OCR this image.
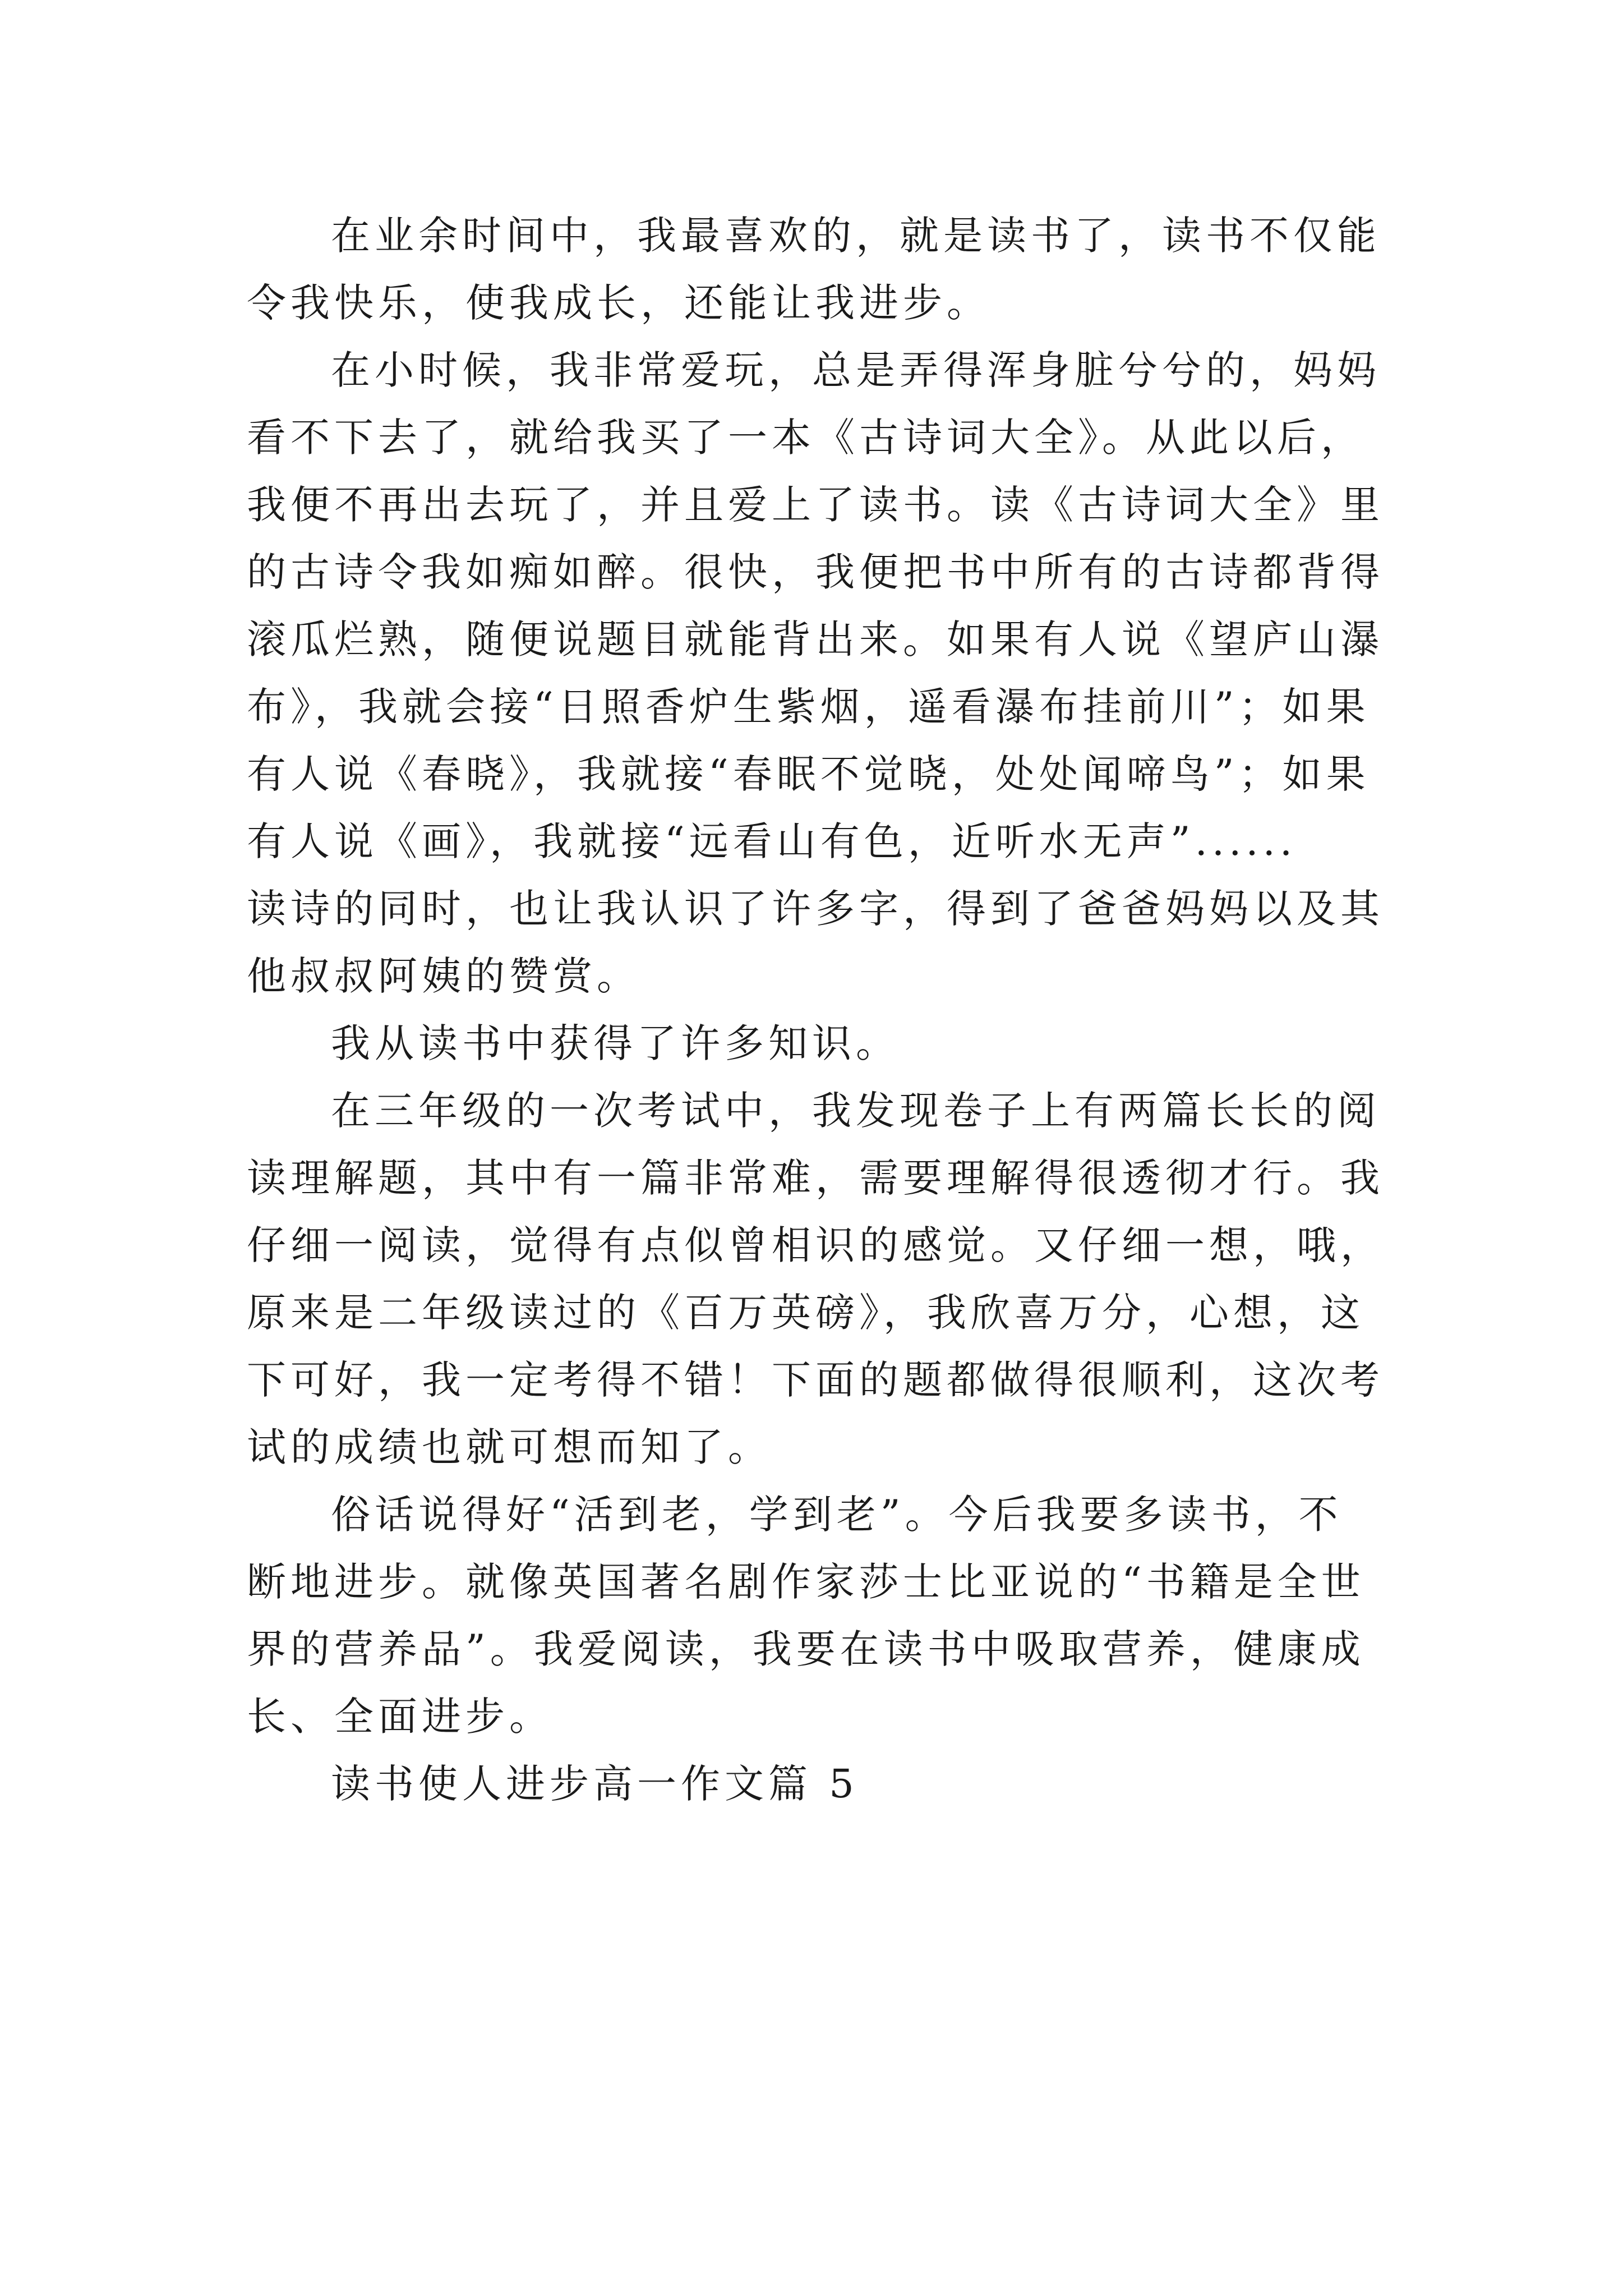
在业余时间中，我最喜欢的，就是读书了，读书不仅能
令我快乐，使我成长，还能让我进步。
在小时候，我非常爱玩，总是弄得浑身脏兮兮的，妈妈
看不下去了，就给我买了一本《古诗词大全》。从此以后，
我便不再出去玩了，并且爱上了读书。读《古诗词大全》里
的古诗令我如痴如醉。很快，我便把书中所有的古诗都背得
滚瓜烂熟，随便说题目就能背出来。如果有人说《望庐山瀑
布》，我就会接“日照香炉生紫烟，遥看瀑布挂前川”；如果
有人说《春晓》，我就接“春眠不觉晓，处处闻啼鸟”；如果
有人说《画》，我就接“远看山有色，近听水无声”......
读诗的同时，也让我认识了许多字，得到了爸爸妈妈以及其
他叔叔阿姨的赞赏。
我从读书中获得了许多知识。
在三年级的一次考试中，我发现卷子上有两篇长长的阅
读理解题，其中有一篇非常难，需要理解得很透彻才行。我
仔细一阅读，觉得有点似曾相识的感觉。又仔细一想，哦，
原来是二年级读过的《百万英磅》，我欣喜万分，心想，这
下可好，我一定考得不错！下面的题都做得很顺利，这次考
试的成绩也就可想而知了。
俗话说得好“活到老，学到老”。今后我要多读书，不
断地进步。就像英国著名剧作家莎士比亚说的“书籍是全世
界的营养品”。我爱阅读，我要在读书中吸取营养，健康成
长、全面进步。
读书使人进步高一作文篇 5
